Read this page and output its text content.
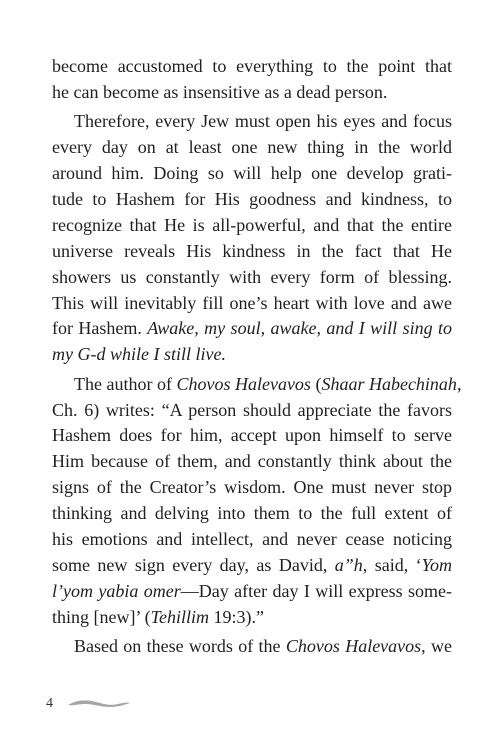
become accustomed to everything to the point that
he can become as insensitive as a dead person.
Therefore, every Jew must open his eyes and focus
every day on at least one new thing in the world
around him. Doing so will help one develop grati-
tude to Hashem for His goodness and kindness, to
recognize that He is all-powerful, and that the entire
universe reveals His kindness in the fact that He
showers us constantly with every form of blessing.
This will inevitably fill one’s heart with love and awe
for Hashem. Awake, my soul, awake, and I will sing to
my G-d while I still live.
The author of Chovos Halevavos (Shaar Habechinah,
Ch. 6) writes: “A person should appreciate the favors
Hashem does for him, accept upon himself to serve
Him because of them, and constantly think about the
signs of the Creator’s wisdom. One must never stop
thinking and delving into them to the full extent of
his emotions and intellect, and never cease noticing
some new sign every day, as David, a”h, said, ‘Yom
l’yom yabia omer—Day after day I will express some-
thing [new]’ (Tehillim 19:3).”
Based on these words of the Chovos Halevavos, we
4
